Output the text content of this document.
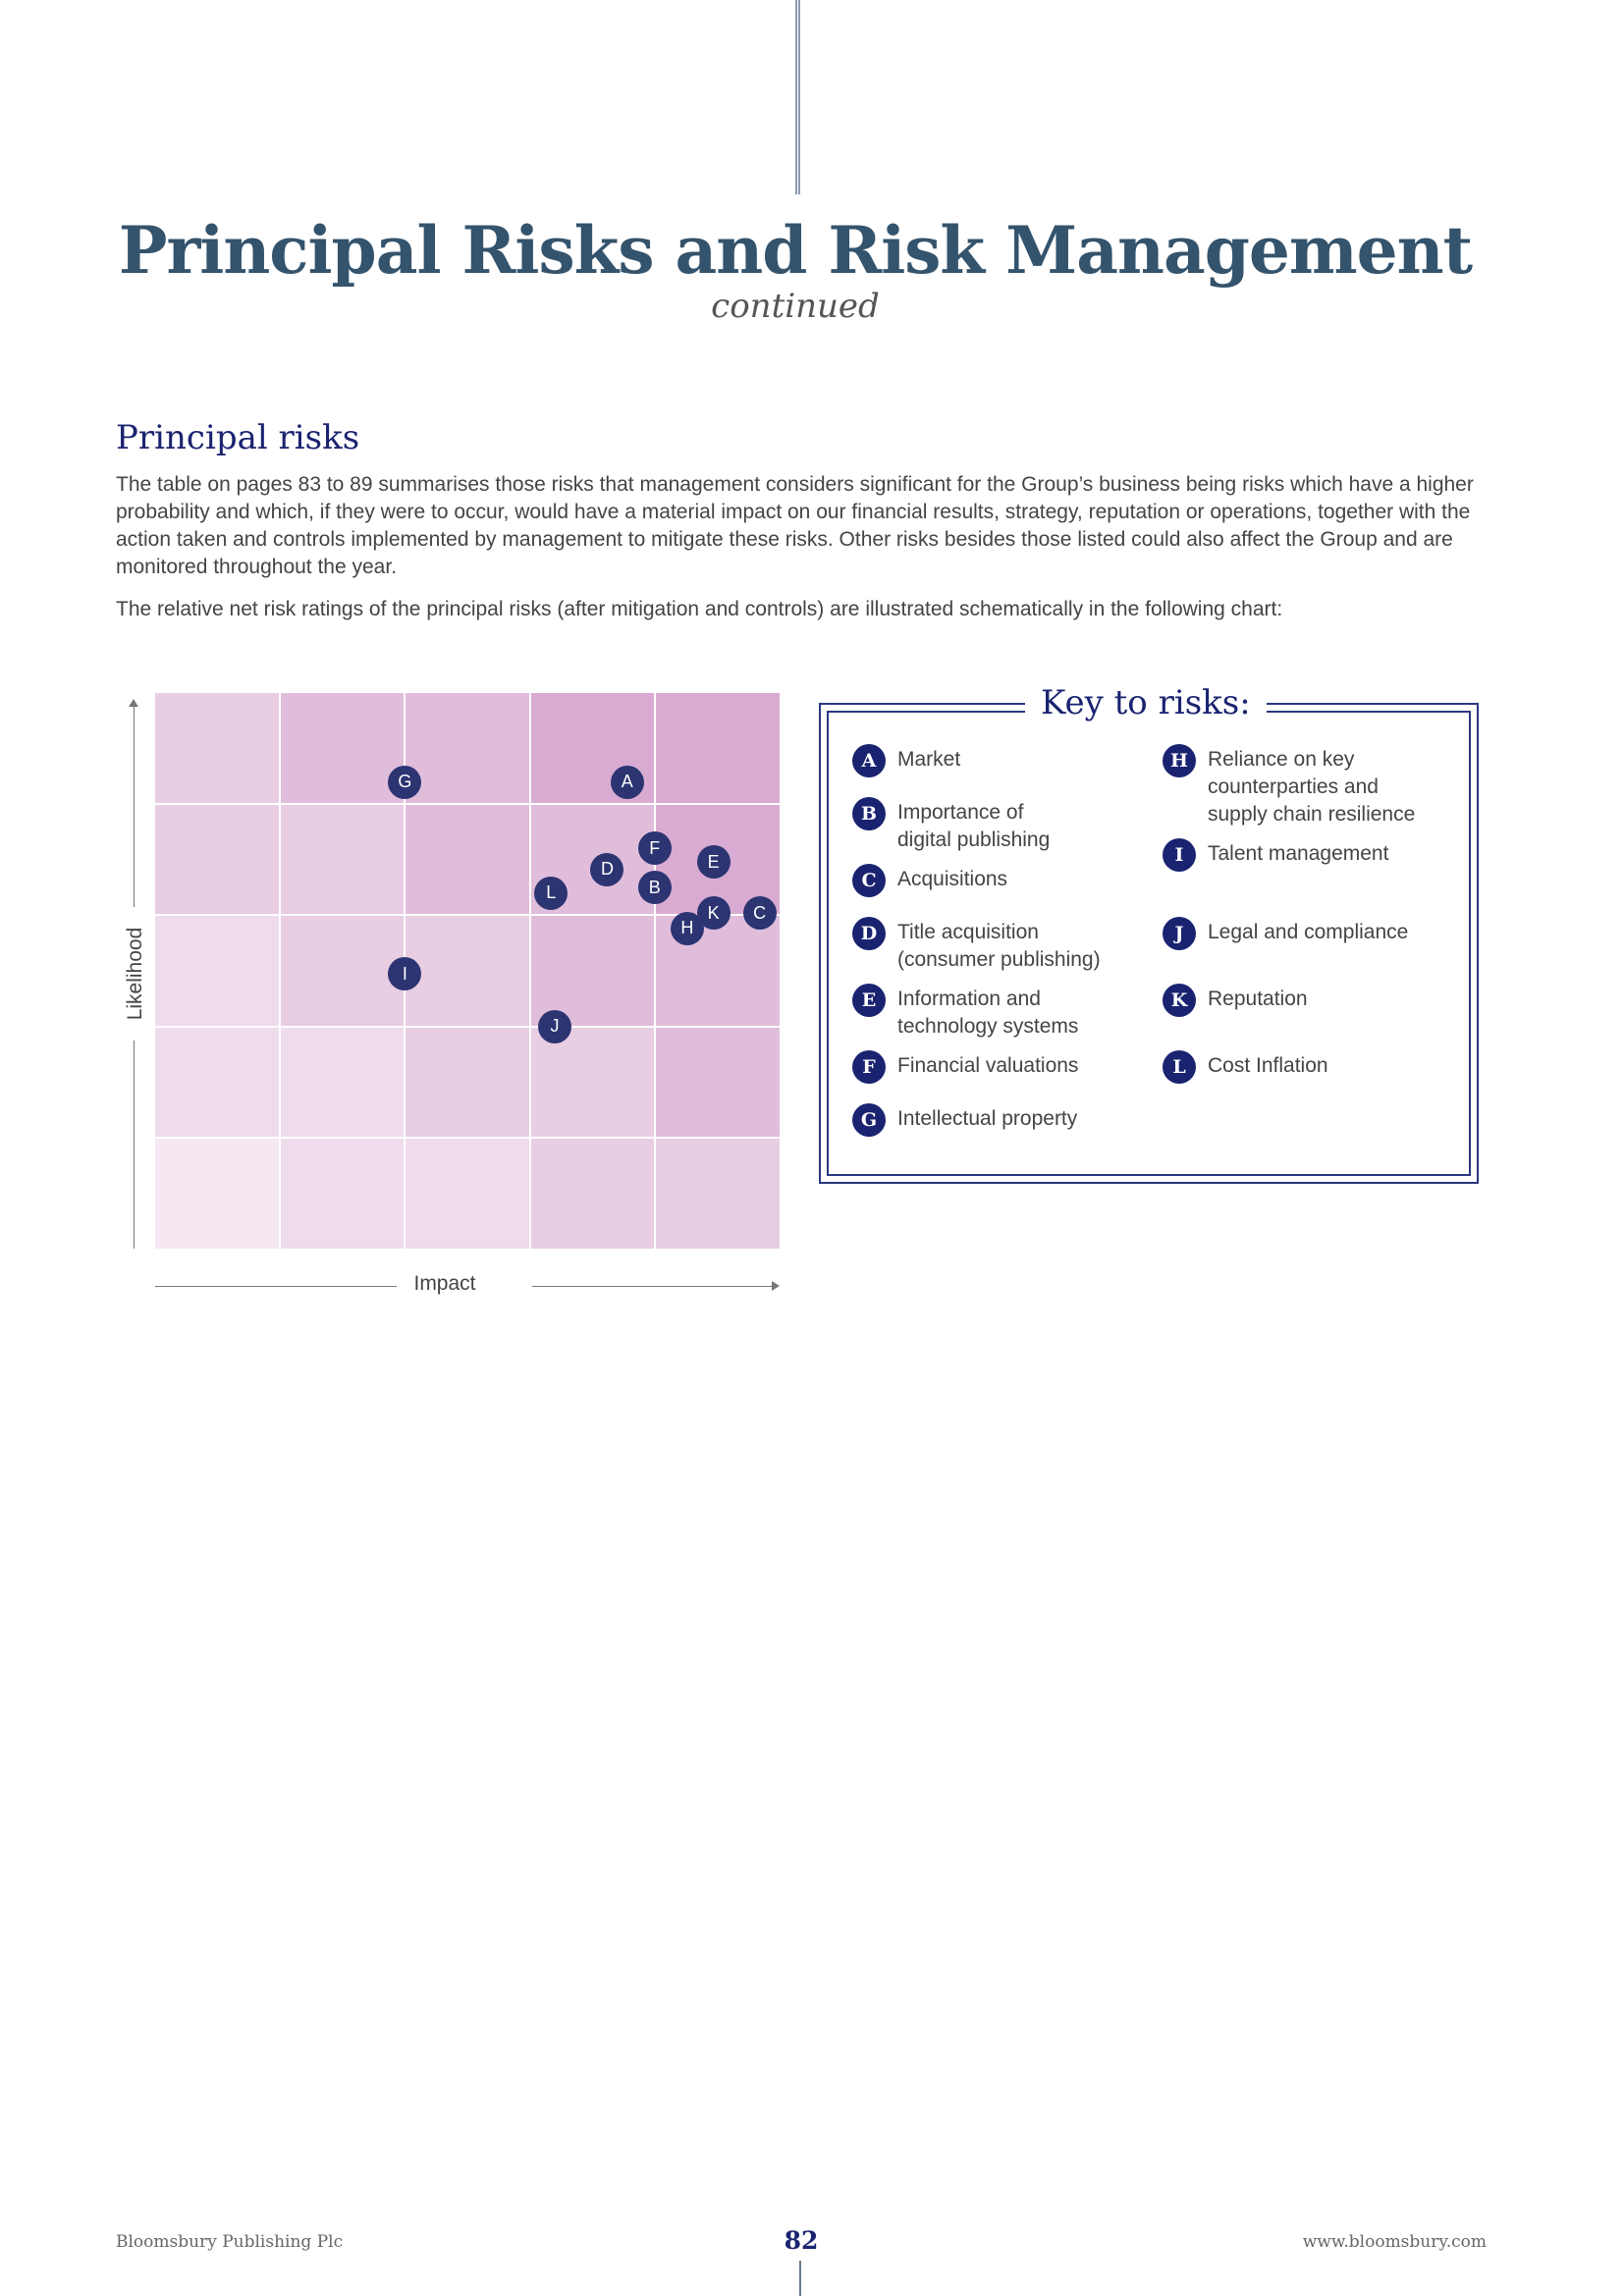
Principal Risks and Risk Management
continued
Principal risks

The table on pages 83 to 89 summarises those risks that management considers significant for the Group’s business being risks which have a higher probability and which, if they were to occur, would have a material impact on our financial results, strategy, reputation or operations, together with the action taken and controls implemented by management to mitigate these risks. Other risks besides those listed could also affect the Group and are monitored throughout the year.

The relative net risk ratings of the principal risks (after mitigation and controls) are illustrated schematically in the following chart:

G	A
F
E
D
B
L
K	C
H
I
J
Likelihood
Impact
Key to risks:
A	Market
B Importance of
digital publishing
C	Acquisitions
D Title acquisition
(consumer publishing)
E	Information and
technology systems
F	Financial valuations
G Intellectual property
H Reliance on key
counterparties and
supply chain resilience
I	Talent management
J	Legal and compliance
K Reputation
L	Cost Inflation
Bloomsbury Publishing Plc	82	www.bloomsbury.com
